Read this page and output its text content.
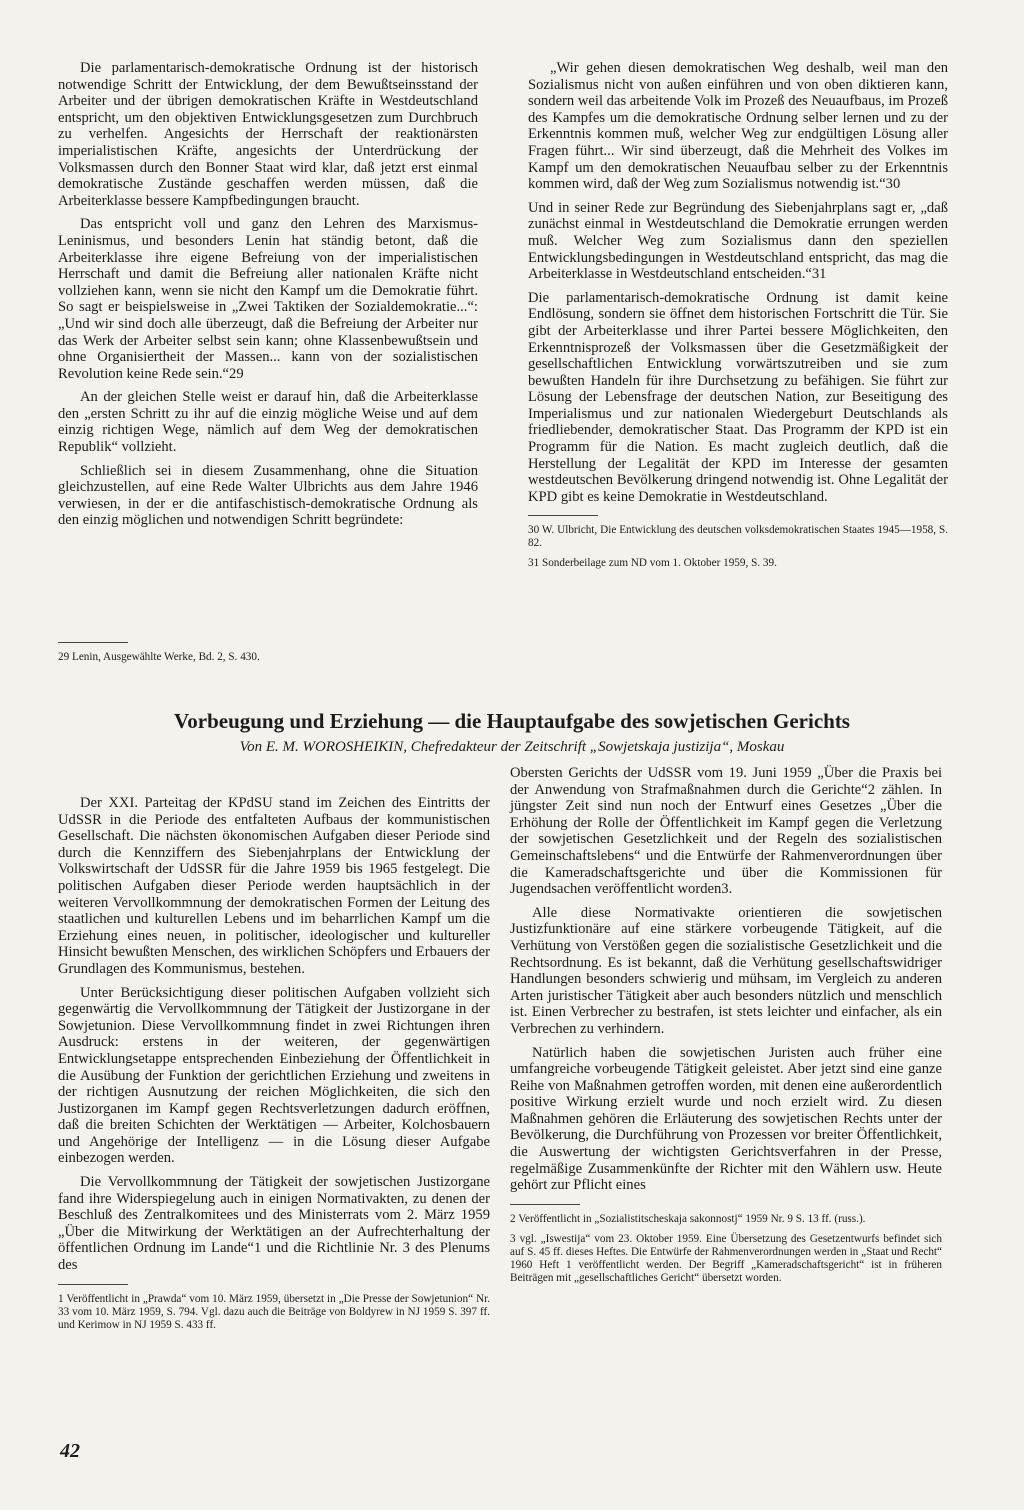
Die parlamentarisch-demokratische Ordnung ist der historisch notwendige Schritt der Entwicklung, der dem Bewußtseinsstand der Arbeiter und der übrigen demokratischen Kräfte in Westdeutschland entspricht, um den objektiven Entwicklungsgesetzen zum Durchbruch zu verhelfen. Angesichts der Herrschaft der reaktionärsten imperialistischen Kräfte, angesichts der Unterdrückung der Volksmassen durch den Bonner Staat wird klar, daß jetzt erst einmal demokratische Zustände geschaffen werden müssen, daß die Arbeiterklasse bessere Kampfbedingungen braucht.

Das entspricht voll und ganz den Lehren des Marxismus-Leninismus, und besonders Lenin hat ständig betont, daß die Arbeiterklasse ihre eigene Befreiung von der imperialistischen Herrschaft und damit die Befreiung aller nationalen Kräfte nicht vollziehen kann, wenn sie nicht den Kampf um die Demokratie führt. So sagt er beispielsweise in „Zwei Taktiken der Sozialdemokratie...“: „Und wir sind doch alle überzeugt, daß die Befreiung der Arbeiter nur das Werk der Arbeiter selbst sein kann; ohne Klassenbewußtsein und ohne Organisiertheit der Massen... kann von der sozialistischen Revolution keine Rede sein.“29

An der gleichen Stelle weist er darauf hin, daß die Arbeiterklasse den „ersten Schritt zu ihr auf die einzig mögliche Weise und auf dem einzig richtigen Wege, nämlich auf dem Weg der demokratischen Republik“ vollzieht.

Schließlich sei in diesem Zusammenhang, ohne die Situation gleichzustellen, auf eine Rede Walter Ulbrichts aus dem Jahre 1946 verwiesen, in der er die antifaschistisch-demokratische Ordnung als den einzig möglichen und notwendigen Schritt begründete:

29 Lenin, Ausgewählte Werke, Bd. 2, S. 430.

„Wir gehen diesen demokratischen Weg deshalb, weil man den Sozialismus nicht von außen einführen und von oben diktieren kann, sondern weil das arbeitende Volk im Prozeß des Neuaufbaus, im Prozeß des Kampfes um die demokratische Ordnung selber lernen und zu der Erkenntnis kommen muß, welcher Weg zur endgültigen Lösung aller Fragen führt... Wir sind überzeugt, daß die Mehrheit des Volkes im Kampf um den demokratischen Neuaufbau selber zu der Erkenntnis kommen wird, daß der Weg zum Sozialismus notwendig ist.“30

Und in seiner Rede zur Begründung des Siebenjahrplans sagt er, „daß zunächst einmal in Westdeutschland die Demokratie errungen werden muß. Welcher Weg zum Sozialismus dann den speziellen Entwicklungsbedingungen in Westdeutschland entspricht, das mag die Arbeiterklasse in Westdeutschland entscheiden.“31

Die parlamentarisch-demokratische Ordnung ist damit keine Endlösung, sondern sie öffnet dem historischen Fortschritt die Tür. Sie gibt der Arbeiterklasse und ihrer Partei bessere Möglichkeiten, den Erkenntnisprozeß der Volksmassen über die Gesetzmäßigkeit der gesellschaftlichen Entwicklung vorwärtszutreiben und sie zum bewußten Handeln für ihre Durchsetzung zu befähigen. Sie führt zur Lösung der Lebensfrage der deutschen Nation, zur Beseitigung des Imperialismus und zur nationalen Wiedergeburt Deutschlands als friedliebender, demokratischer Staat. Das Programm der KPD ist ein Programm für die Nation. Es macht zugleich deutlich, daß die Herstellung der Legalität der KPD im Interesse der gesamten westdeutschen Bevölkerung dringend notwendig ist. Ohne Legalität der KPD gibt es keine Demokratie in Westdeutschland.

30 W. Ulbricht, Die Entwicklung des deutschen volksdemokratischen Staates 1945—1958, S. 82.

31 Sonderbeilage zum ND vom 1. Oktober 1959, S. 39.

Vorbeugung und Erziehung — die Hauptaufgabe des sowjetischen Gerichts
Von E. M. WOROSHEIKIN, Chefredakteur der Zeitschrift „Sowjetskaja justizija“, Moskau

Der XXI. Parteitag der KPdSU stand im Zeichen des Eintritts der UdSSR in die Periode des entfalteten Aufbaus der kommunistischen Gesellschaft. Die nächsten ökonomischen Aufgaben dieser Periode sind durch die Kennziffern des Siebenjahrplans der Entwicklung der Volkswirtschaft der UdSSR für die Jahre 1959 bis 1965 festgelegt. Die politischen Aufgaben dieser Periode werden hauptsächlich in der weiteren Vervollkommnung der demokratischen Formen der Leitung des staatlichen und kulturellen Lebens und im beharrlichen Kampf um die Erziehung eines neuen, in politischer, ideologischer und kultureller Hinsicht bewußten Menschen, des wirklichen Schöpfers und Erbauers der Grundlagen des Kommunismus, bestehen.

Unter Berücksichtigung dieser politischen Aufgaben vollzieht sich gegenwärtig die Vervollkommnung der Tätigkeit der Justizorgane in der Sowjetunion. Diese Vervollkommnung findet in zwei Richtungen ihren Ausdruck: erstens in der weiteren, der gegenwärtigen Entwicklungsetappe entsprechenden Einbeziehung der Öffentlichkeit in die Ausübung der Funktion der gerichtlichen Erziehung und zweitens in der richtigen Ausnutzung der reichen Möglichkeiten, die sich den Justizorganen im Kampf gegen Rechtsverletzungen dadurch eröffnen, daß die breiten Schichten der Werktätigen — Arbeiter, Kolchosbauern und Angehörige der Intelligenz — in die Lösung dieser Aufgabe einbezogen werden.

Die Vervollkommnung der Tätigkeit der sowjetischen Justizorgane fand ihre Widerspiegelung auch in einigen Normativakten, zu denen der Beschluß des Zentralkomitees und des Ministerrats vom 2. März 1959 „Über die Mitwirkung der Werktätigen an der Aufrechterhaltung der öffentlichen Ordnung im Lande“1 und die Richtlinie Nr. 3 des Plenums des

1 Veröffentlicht in „Prawda“ vom 10. März 1959, übersetzt in „Die Presse der Sowjetunion“ Nr. 33 vom 10. März 1959, S. 794. Vgl. dazu auch die Beiträge von Boldyrew in NJ 1959 S. 397 ff. und Kerimow in NJ 1959 S. 433 ff.

Obersten Gerichts der UdSSR vom 19. Juni 1959 „Über die Praxis bei der Anwendung von Strafmaßnahmen durch die Gerichte“2 zählen. In jüngster Zeit sind nun noch der Entwurf eines Gesetzes „Über die Erhöhung der Rolle der Öffentlichkeit im Kampf gegen die Verletzung der sowjetischen Gesetzlichkeit und der Regeln des sozialistischen Gemeinschaftslebens“ und die Entwürfe der Rahmenverordnungen über die Kameradschaftsgerichte und über die Kommissionen für Jugendsachen veröffentlicht worden3.

Alle diese Normativakte orientieren die sowjetischen Justizfunktionäre auf eine stärkere vorbeugende Tätigkeit, auf die Verhütung von Verstößen gegen die sozialistische Gesetzlichkeit und die Rechtsordnung. Es ist bekannt, daß die Verhütung gesellschaftswidriger Handlungen besonders schwierig und mühsam, im Vergleich zu anderen Arten juristischer Tätigkeit aber auch besonders nützlich und menschlich ist. Einen Verbrecher zu bestrafen, ist stets leichter und einfacher, als ein Verbrechen zu verhindern.

Natürlich haben die sowjetischen Juristen auch früher eine umfangreiche vorbeugende Tätigkeit geleistet. Aber jetzt sind eine ganze Reihe von Maßnahmen getroffen worden, mit denen eine außerordentlich positive Wirkung erzielt wurde und noch erzielt wird. Zu diesen Maßnahmen gehören die Erläuterung des sowjetischen Rechts unter der Bevölkerung, die Durchführung von Prozessen vor breiter Öffentlichkeit, die Auswertung der wichtigsten Gerichtsverfahren in der Presse, regelmäßige Zusammenkünfte der Richter mit den Wählern usw. Heute gehört zur Pflicht eines

2 Veröffentlicht in „Sozialistitscheskaja sakonnostj“ 1959 Nr. 9 S. 13 ff. (russ.).

3 vgl. „Iswestija“ vom 23. Oktober 1959. Eine Übersetzung des Gesetzentwurfs befindet sich auf S. 45 ff. dieses Heftes. Die Entwürfe der Rahmenverordnungen werden in „Staat und Recht“ 1960 Heft 1 veröffentlicht werden. Der Begriff „Kameradschaftsgericht“ ist in früheren Beiträgen mit „gesellschaftliches Gericht“ übersetzt worden.

42
